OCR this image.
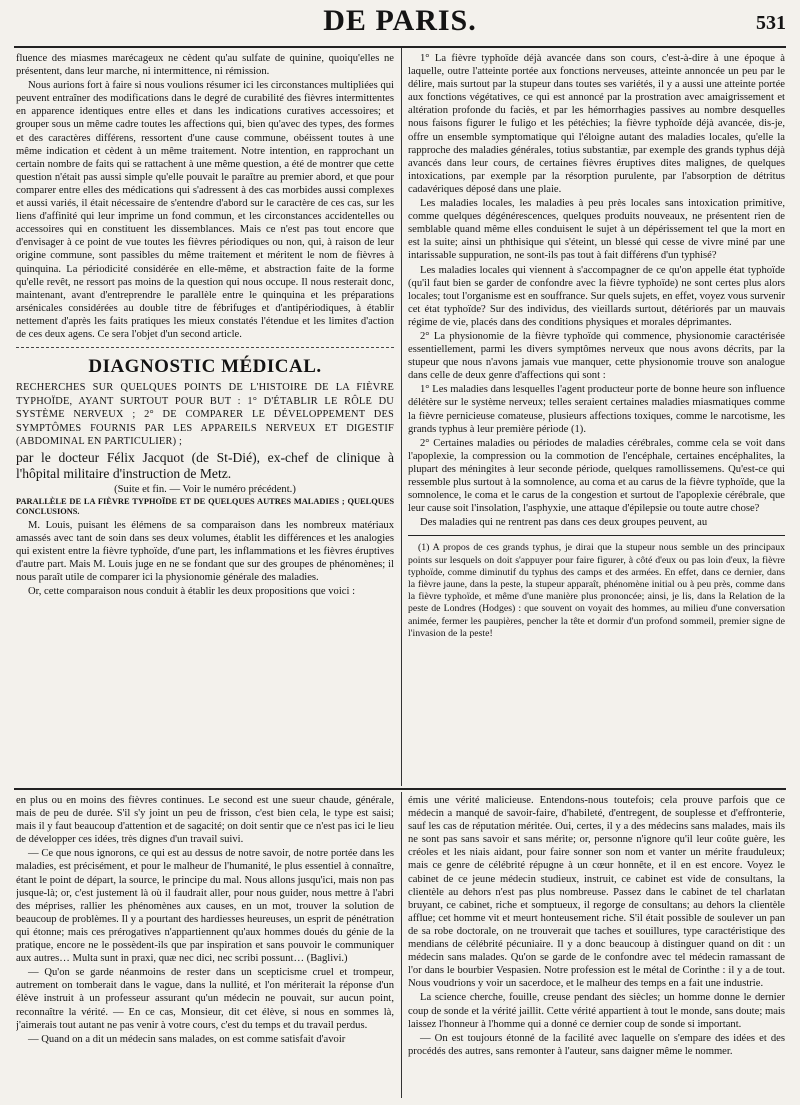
DE PARIS.	531

fluence des miasmes marécageux ne cèdent qu'au sulfate de quinine, quoiqu'elles ne présentent, dans leur marche, ni intermittence, ni rémission.

Nous aurions fort à faire si nous voulions résumer ici les circonstances multipliées qui peuvent entraîner des modifications dans le degré de curabilité des fièvres intermittentes en apparence identiques entre elles et dans les indications curatives accessoires; et grouper sous un même cadre toutes les affections qui, bien qu'avec des types, des formes et des caractères différens, ressortent d'une cause commune, obéissent toutes à une même indication et cèdent à un même traitement. Notre intention, en rapprochant un certain nombre de faits qui se rattachent à une même question, a été de montrer que cette question n'était pas aussi simple qu'elle pouvait le paraître au premier abord, et que pour comparer entre elles des médications qui s'adressent à des cas morbides aussi complexes et aussi variés, il était nécessaire de s'entendre d'abord sur le caractère de ces cas, sur les liens d'affinité qui leur imprime un fond commun, et les circonstances accidentelles ou accessoires qui en constituent les dissemblances. Mais ce n'est pas tout encore que d'envisager à ce point de vue toutes les fièvres périodiques ou non, qui, à raison de leur origine commune, sont passibles du même traitement et méritent le nom de fièvres à quinquina. La périodicité considérée en elle-même, et abstraction faite de la forme qu'elle revêt, ne ressort pas moins de la question qui nous occupe. Il nous resterait donc, maintenant, avant d'entreprendre le parallèle entre le quinquina et les préparations arsénicales considérées au double titre de fébrifuges et d'antipériodiques, à établir nettement d'après les faits pratiques les mieux constatés l'étendue et les limites d'action de ces deux agens. Ce sera l'objet d'un second article.

DIAGNOSTIC MÉDICAL.

RECHERCHES SUR QUELQUES POINTS DE L'HISTOIRE DE LA FIÈVRE TYPHOÏDE, AYANT SURTOUT POUR BUT : 1° D'ÉTABLIR LE RÔLE DU SYSTÈME NERVEUX ; 2° DE COMPARER LE DÉVELOPPEMENT DES SYMPTÔMES FOURNIS PAR LES APPAREILS NERVEUX ET DIGESTIF (ABDOMINAL EN PARTICULIER) ;

par le docteur Félix Jacquot (de St-Dié), ex-chef de clinique à l'hôpital militaire d'instruction de Metz.

(Suite et fin. — Voir le numéro précédent.)

PARALLÈLE DE LA FIÈVRE TYPHOÏDE ET DE QUELQUES AUTRES MALADIES ; QUELQUES CONCLUSIONS.

M. Louis, puisant les élémens de sa comparaison dans les nombreux matériaux amassés avec tant de soin dans ses deux volumes, établit les différences et les analogies qui existent entre la fièvre typhoïde, d'une part, les inflammations et les fièvres éruptives d'autre part. Mais M. Louis juge en ne se fondant que sur des groupes de phénomènes; il nous paraît utile de comparer ici la physionomie générale des maladies.

Or, cette comparaison nous conduit à établir les deux propositions que voici :

1° La fièvre typhoïde déjà avancée dans son cours, c'est-à-dire à une époque à laquelle, outre l'atteinte portée aux fonctions nerveuses, atteinte annoncée un peu par le délire, mais surtout par la stupeur dans toutes ses variétés, il y a aussi une atteinte portée aux fonctions végétatives, ce qui est annoncé par la prostration avec amaigrissement et altération profonde du faciès, et par les hémorrhagies passives au nombre desquelles nous faisons figurer le fuligo et les pétéchies; la fièvre typhoïde déjà avancée, dis-je, offre un ensemble symptomatique qui l'éloigne autant des maladies locales, qu'elle la rapproche des maladies générales, totius substantiæ, par exemple des grands typhus déjà avancés dans leur cours, de certaines fièvres éruptives dites malignes, de quelques intoxications, par exemple par la résorption purulente, par l'absorption de détritus cadavériques déposé dans une plaie.

Les maladies locales, les maladies à peu près locales sans intoxication primitive, comme quelques dégénérescences, quelques produits nouveaux, ne présentent rien de semblable quand même elles conduisent le sujet à un dépérissement tel que la mort en est la suite; ainsi un phthisique qui s'éteint, un blessé qui cesse de vivre miné par une intarissable suppuration, ne sont-ils pas tout à fait différens d'un typhisé?

Les maladies locales qui viennent à s'accompagner de ce qu'on appelle état typhoïde (qu'il faut bien se garder de confondre avec la fièvre typhoïde) ne sont certes plus alors locales; tout l'organisme est en souffrance. Sur quels sujets, en effet, voyez vous survenir cet état typhoïde? Sur des individus, des vieillards surtout, détériorés par un mauvais régime de vie, placés dans des conditions physiques et morales déprimantes.

2° La physionomie de la fièvre typhoïde qui commence, physionomie caractérisée essentiellement, parmi les divers symptômes nerveux que nous avons décrits, par la stupeur que nous n'avons jamais vue manquer, cette physionomie trouve son analogue dans celle de deux genre d'affections qui sont :

1° Les maladies dans lesquelles l'agent producteur porte de bonne heure son influence délétère sur le système nerveux; telles seraient certaines maladies miasmatiques comme la fièvre pernicieuse comateuse, plusieurs affections toxiques, comme le narcotisme, les grands typhus à leur première période (1).

2° Certaines maladies ou périodes de maladies cérébrales, comme cela se voit dans l'apoplexie, la compression ou la commotion de l'encéphale, certaines encéphalites, la plupart des méningites à leur seconde période, quelques ramollissemens. Qu'est-ce qui ressemble plus surtout à la somnolence, au coma et au carus de la fièvre typhoïde, que la somnolence, le coma et le carus de la congestion et surtout de l'apoplexie cérébrale, que leur cause soit l'insolation, l'asphyxie, une attaque d'épilepsie ou toute autre chose?

Des maladies qui ne rentrent pas dans ces deux groupes peuvent, au

(1) A propos de ces grands typhus, je dirai que la stupeur nous semble un des principaux points sur lesquels on doit s'appuyer pour faire figurer, à côté d'eux ou pas loin d'eux, la fièvre typhoïde, comme diminutif du typhus des camps et des armées. En effet, dans ce dernier, dans la fièvre jaune, dans la peste, la stupeur apparaît, phénomène initial ou à peu près, comme dans la fièvre typhoïde, et même d'une manière plus prononcée; ainsi, je lis, dans la Relation de la peste de Londres (Hodges) : que souvent on voyait des hommes, au milieu d'une conversation animée, fermer les paupières, pencher la tête et dormir d'un profond sommeil, premier signe de l'invasion de la peste!

en plus ou en moins des fièvres continues. Le second est une sueur chaude, générale, mais de peu de durée. S'il s'y joint un peu de frisson, c'est bien cela, le type est saisi; mais il y faut beaucoup d'attention et de sagacité; on doit sentir que ce n'est pas ici le lieu de développer ces idées, très dignes d'un travail suivi.

— Ce que nous ignorons, ce qui est au dessus de notre savoir, de notre portée dans les maladies, est précisément, et pour le malheur de l'humanité, le plus essentiel à connaître, étant le point de départ, la source, le principe du mal. Nous allons jusqu'ici, mais non pas jusque-là; or, c'est justement là où il faudrait aller, pour nous guider, nous mettre à l'abri des méprises, rallier les phénomènes aux causes, en un mot, trouver la solution de beaucoup de problèmes. Il y a pourtant des hardiesses heureuses, un esprit de pénétration qui étonne; mais ces prérogatives n'appartiennent qu'aux hommes doués du génie de la pratique, encore ne le possèdent-ils que par inspiration et sans pouvoir le communiquer aux autres… Multa sunt in praxi, quæ nec dici, nec scribi possunt… (Baglivi.)

— Qu'on se garde néanmoins de rester dans un scepticisme cruel et trompeur, autrement on tomberait dans le vague, dans la nullité, et l'on mériterait la réponse d'un élève instruit à un professeur assurant qu'un médecin ne pouvait, sur aucun point, reconnaître la vérité. — En ce cas, Monsieur, dit cet élève, si nous en sommes là, j'aimerais tout autant ne pas venir à votre cours, c'est du temps et du travail perdus.

— Quand on a dit un médecin sans malades, on est comme satisfait d'avoir

émis une vérité malicieuse. Entendons-nous toutefois; cela prouve parfois que ce médecin a manqué de savoir-faire, d'habileté, d'entregent, de souplesse et d'effronterie, sauf les cas de réputation méritée. Oui, certes, il y a des médecins sans malades, mais ils ne sont pas sans savoir et sans mérite; or, personne n'ignore qu'il leur coûte guère, les créoles et les niais aidant, pour faire sonner son nom et vanter un mérite frauduleux; mais ce genre de célébrité répugne à un cœur honnête, et il en est encore. Voyez le cabinet de ce jeune médecin studieux, instruit, ce cabinet est vide de consultans, la clientèle au dehors n'est pas plus nombreuse. Passez dans le cabinet de tel charlatan bruyant, ce cabinet, riche et somptueux, il regorge de consultans; au dehors la clientèle afflue; cet homme vit et meurt honteusement riche. S'il était possible de soulever un pan de sa robe doctorale, on ne trouverait que taches et souillures, type caractéristique des mendians de célébrité pécuniaire. Il y a donc beaucoup à distinguer quand on dit : un médecin sans malades. Qu'on se garde de le confondre avec tel médecin ramassant de l'or dans le bourbier Vespasien. Notre profession est le métal de Corinthe : il y a de tout. Nous voudrions y voir un sacerdoce, et le malheur des temps en a fait une industrie.

La science cherche, fouille, creuse pendant des siècles; un homme donne le dernier coup de sonde et la vérité jaillit. Cette vérité appartient à tout le monde, sans doute; mais laissez l'honneur à l'homme qui a donné ce dernier coup de sonde si important.

— On est toujours étonné de la facilité avec laquelle on s'empare des idées et des procédés des autres, sans remonter à l'auteur, sans daigner même le nommer.
